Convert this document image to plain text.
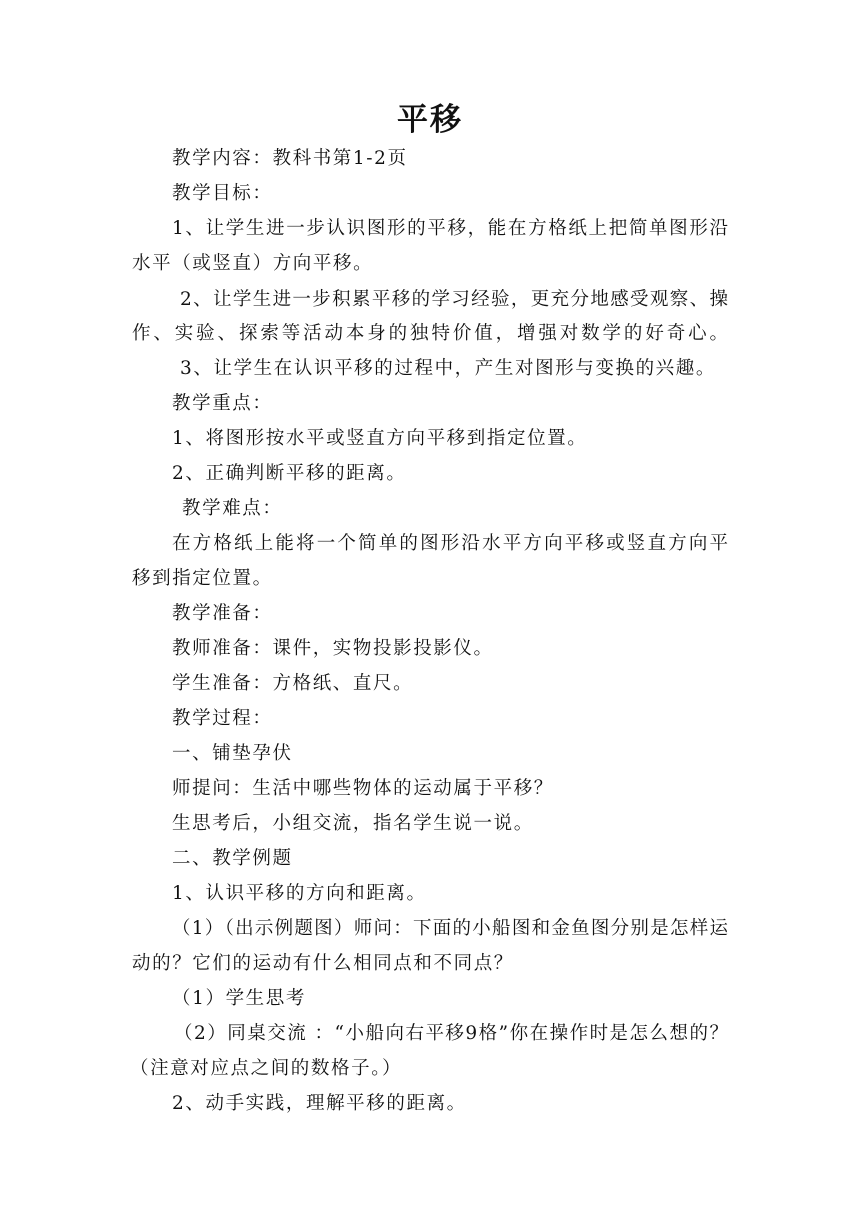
平移
教学内容：教科书第1-2页
教学目标：
1、让学生进一步认识图形的平移，能在方格纸上把简单图形沿
水平（或竖直）方向平移。
2、让学生进一步积累平移的学习经验，更充分地感受观察、操
作、实验、探索等活动本身的独特价值，增强对数学的好奇心。
3、让学生在认识平移的过程中，产生对图形与变换的兴趣。
教学重点：
1、将图形按水平或竖直方向平移到指定位置。
2、正确判断平移的距离。
教学难点：
在方格纸上能将一个简单的图形沿水平方向平移或竖直方向平
移到指定位置。
教学准备：
教师准备：课件，实物投影投影仪。
学生准备：方格纸、直尺。
教学过程：
一、铺垫孕伏
师提问：生活中哪些物体的运动属于平移？
生思考后，小组交流，指名学生说一说。
二、教学例题
1、认识平移的方向和距离。
（1）（出示例题图）师问：下面的小船图和金鱼图分别是怎样运
动的？它们的运动有什么相同点和不同点？
（1）学生思考
（2）同桌交流 ：“小船向右平移9格”你在操作时是怎么想的？
（注意对应点之间的数格子。）
2、动手实践，理解平移的距离。
